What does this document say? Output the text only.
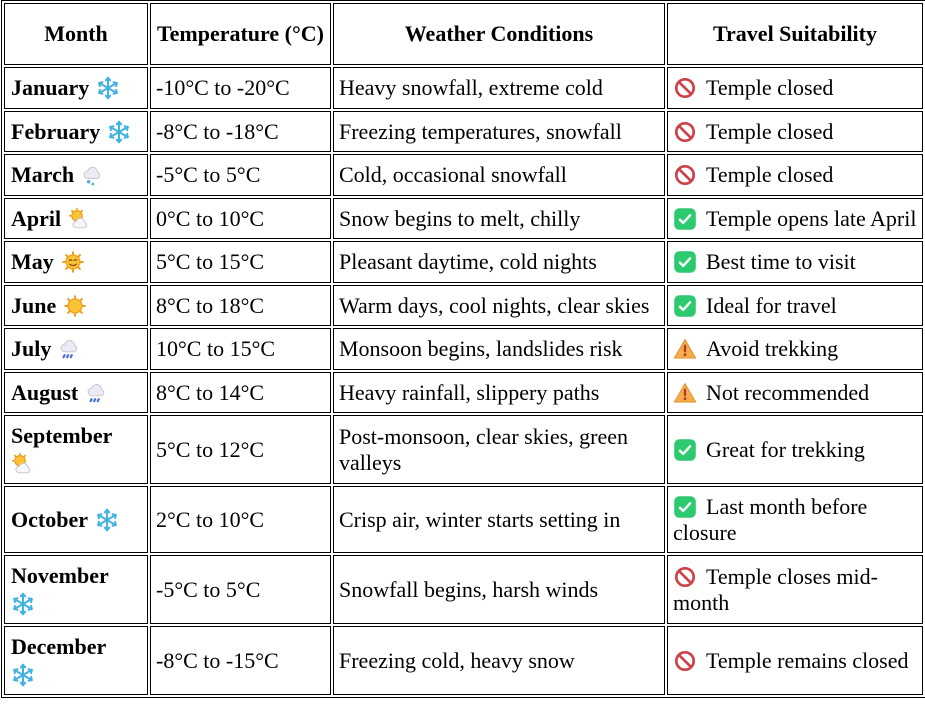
Month	Temperature (°C)	Weather Conditions	Travel Suitability
January	-10°C to -20°C	Heavy snowfall, extreme cold	Temple closed
February	-8°C to -18°C	Freezing temperatures, snowfall	Temple closed
March	-5°C to 5°C	Cold, occasional snowfall	Temple closed
April	0°C to 10°C	Snow begins to melt, chilly	Temple opens late April
May	5°C to 15°C	Pleasant daytime, cold nights	Best time to visit
June	8°C to 18°C	Warm days, cool nights, clear skies	Ideal for travel
July	10°C to 15°C	Monsoon begins, landslides risk	Avoid trekking
August	8°C to 14°C	Heavy rainfall, slippery paths	Not recommended
September	5°C to 12°C	Post-monsoon, clear skies, green valleys	Great for trekking
October	2°C to 10°C	Crisp air, winter starts setting in	Last month before closure
November	-5°C to 5°C	Snowfall begins, harsh winds	Temple closes mid-month
December	-8°C to -15°C	Freezing cold, heavy snow	Temple remains closed
